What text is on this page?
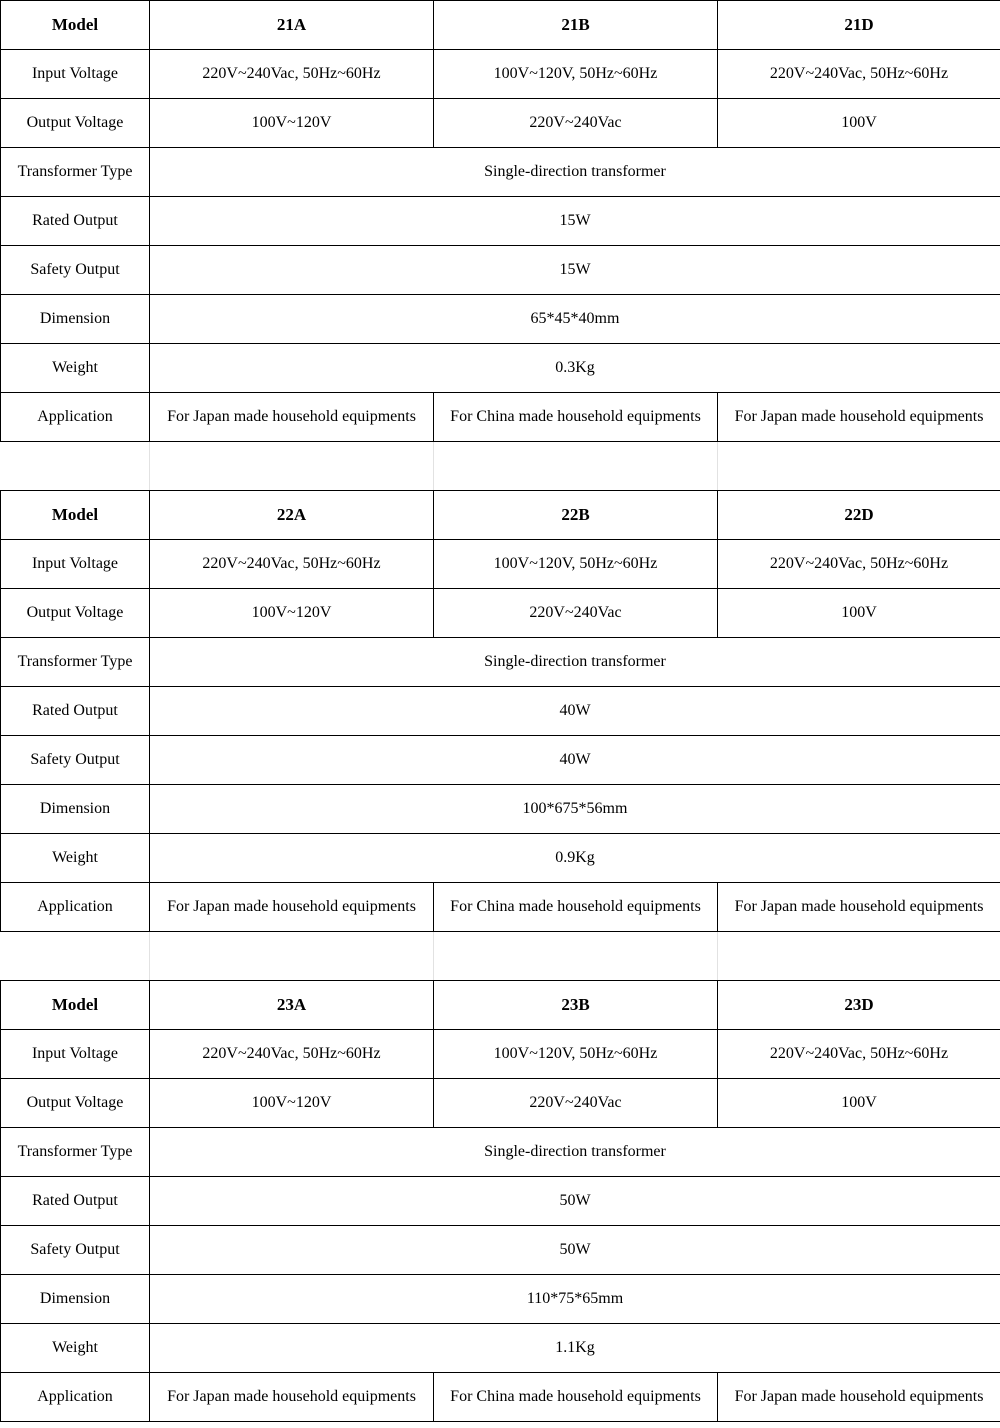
Model	21A	21B	21D
Input Voltage	220V~240Vac, 50Hz~60Hz	100V~120V, 50Hz~60Hz	220V~240Vac, 50Hz~60Hz
Output Voltage	100V~120V	220V~240Vac	100V
Transformer Type	Single-direction transformer		
Rated Output	15W		
Safety Output	15W		
Dimension	65*45*40mm		
Weight	0.3Kg		
Application	For Japan made household equipments	For China made household equipments	For Japan made household equipments

Model	22A	22B	22D
Input Voltage	220V~240Vac, 50Hz~60Hz	100V~120V, 50Hz~60Hz	220V~240Vac, 50Hz~60Hz
Output Voltage	100V~120V	220V~240Vac	100V
Transformer Type	Single-direction transformer		
Rated Output	40W		
Safety Output	40W		
Dimension	100*675*56mm		
Weight	0.9Kg		
Application	For Japan made household equipments	For China made household equipments	For Japan made household equipments

Model	23A	23B	23D
Input Voltage	220V~240Vac, 50Hz~60Hz	100V~120V, 50Hz~60Hz	220V~240Vac, 50Hz~60Hz
Output Voltage	100V~120V	220V~240Vac	100V
Transformer Type	Single-direction transformer		
Rated Output	50W		
Safety Output	50W		
Dimension	110*75*65mm		
Weight	1.1Kg		
Application	For Japan made household equipments	For China made household equipments	For Japan made household equipments
